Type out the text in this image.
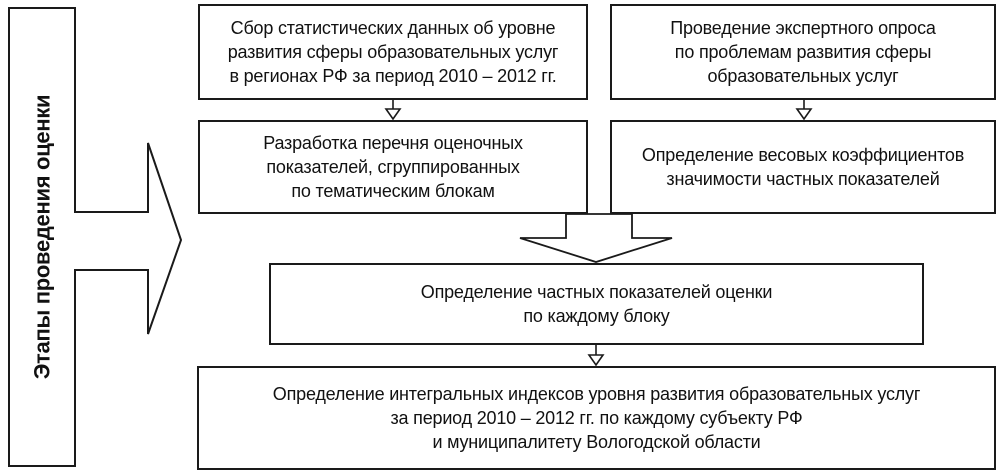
Этапы проведения оценки
Сбор статистических данных об уровне
развития сферы образовательных услуг
в регионах РФ за период 2010 – 2012 гг.
Проведение экспертного опроса
по проблемам развития сферы
образовательных услуг
Разработка перечня оценочных
показателей, сгруппированных
по тематическим блокам
Определение весовых коэффициентов
значимости частных показателей
Определение частных показателей оценки
по каждому блоку
Определение интегральных индексов уровня развития образовательных услуг
за период 2010 – 2012 гг. по каждому субъекту РФ
и муниципалитету Вологодской области
